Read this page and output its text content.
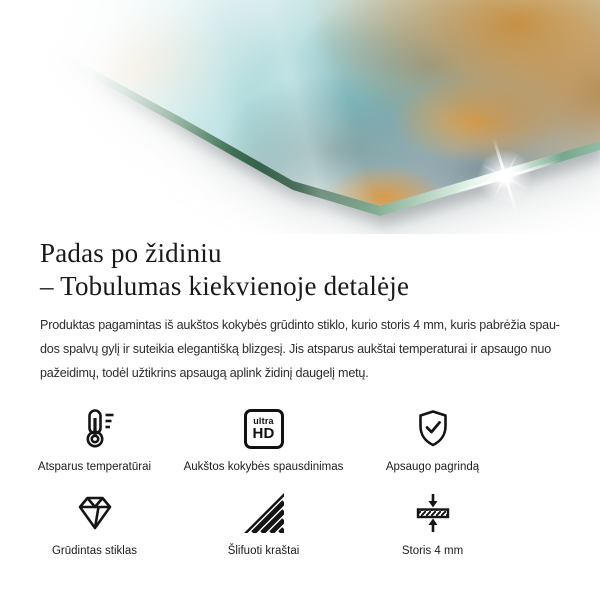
Padas po židiniu
– Tobulumas kiekvienoje detalėje

Produktas pagamintas iš aukštos kokybės grūdinto stiklo, kurio storis 4 mm, kuris pabrėžia spau-
dos spalvų gylį ir suteikia elegantišką blizgesį. Jis atsparus aukštai temperaturai ir apsaugo nuo
pažeidimų, todėl užtikrins apsaugą aplink židinį daugelį metų.

Atsparus temperatūrai
ultra
HD
Aukštos kokybės spausdinimas	Apsaugo pagrindą
Grūdintas stiklas	Šlifuoti kraštai	Storis 4 mm
